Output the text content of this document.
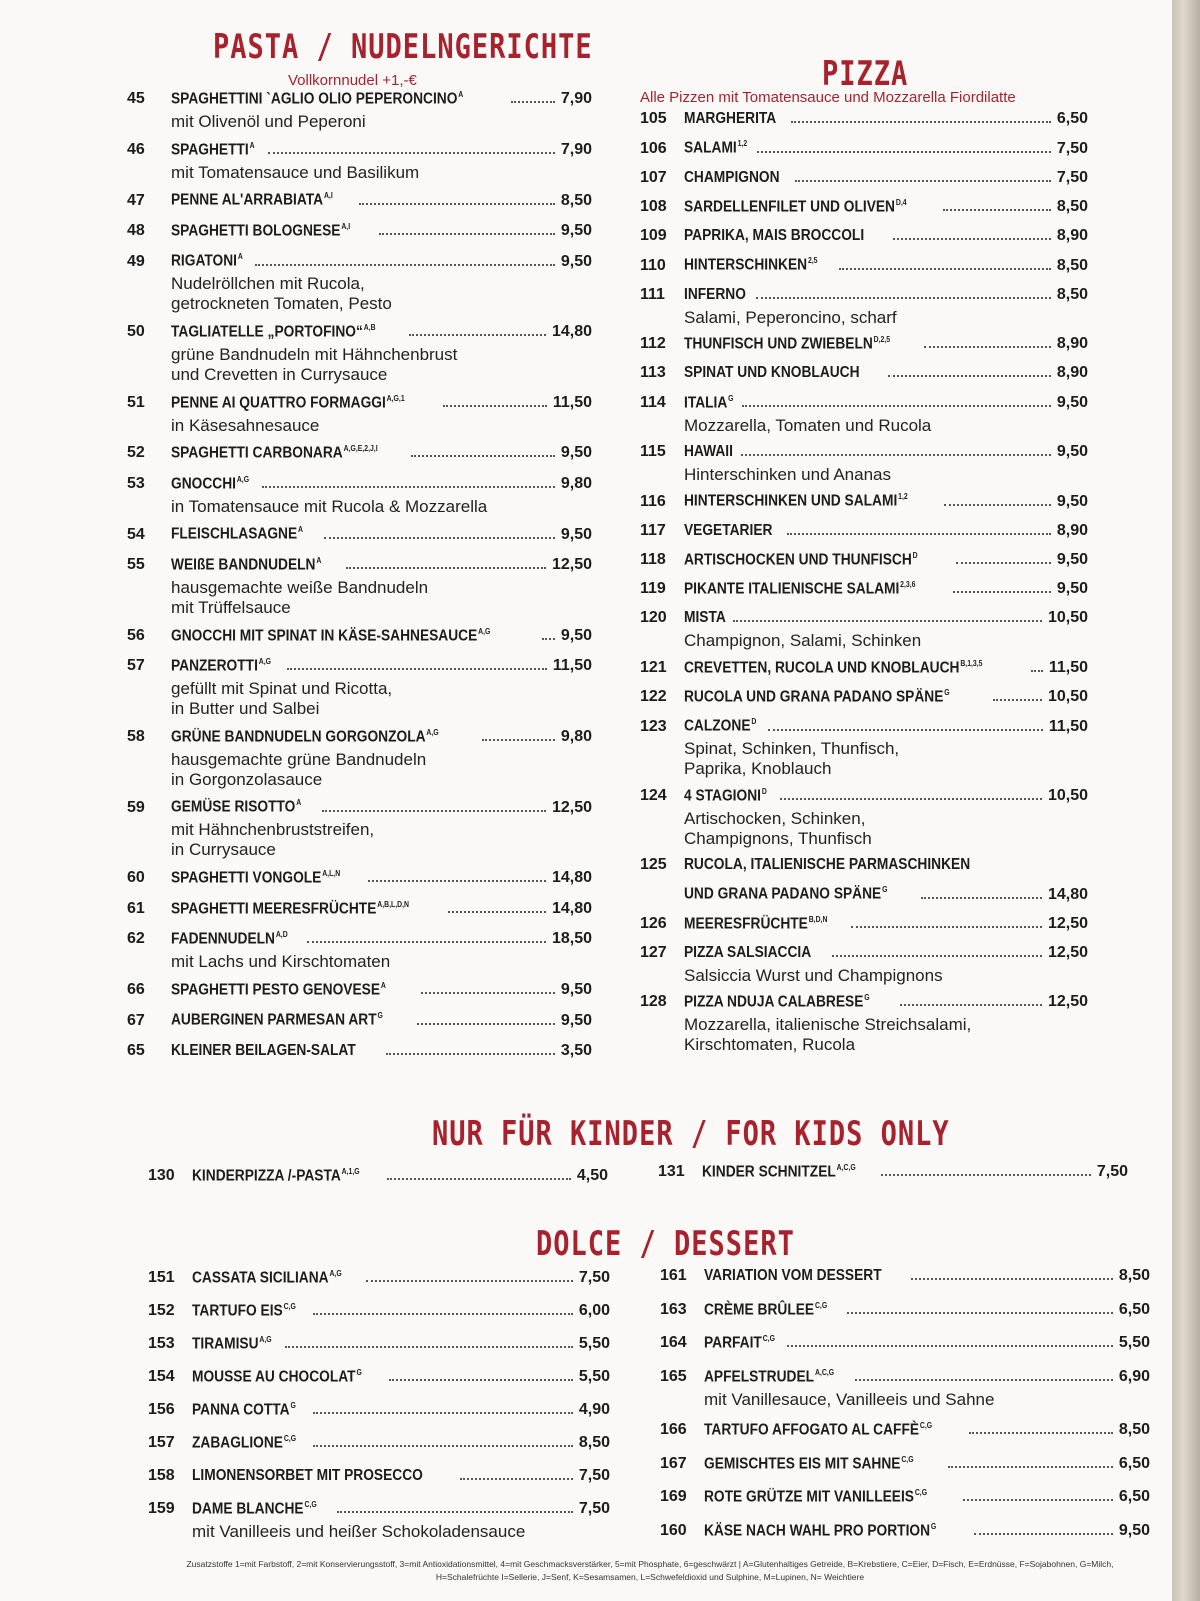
PASTA / NUDELNGERICHTE
Vollkornnudel +1,-€	PIZZA
Alle Pizzen mit Tomatensauce und Mozzarella Fiordilatte
45	SPAGHETTINI `AGLIO OLIO $PEPERONCINO^A$	7,90
mit Olivenöl und Peperoni
46	$SPAGHETTI^A$	7,90
mit Tomatensauce und Basilikum
47	PENNE $AL'ARRABIATA^{A,I}$	8,50
48	SPAGHETTI $BOLOGNESE^{A,I}$	9,50
49	$RIGATONI^A$	9,50
Nudelröllchen mit Rucola,
getrockneten Tomaten, Pesto
50	TAGLIATELLE „PORTOFINO“$^{A,B}$	14,80
grüne Bandnudeln mit Hähnchenbrust
und Crevetten in Currysauce
51	PENNE AI QUATTRO $FORMAGGI^{A,G,1}$	11,50
in Käsesahnesauce
52	SPAGHETTI $CARBONARA^{A,G,E,2,J,I}$	9,50
53	$GNOCCHI^{A,G}$	9,80
in Tomatensauce mit Rucola & Mozzarella
54	$FLEISCHLASAGNE^A$	9,50
55	WEIßE $BANDNUDELN^A$	12,50
hausgemachte weiße Bandnudeln
mit Trüffelsauce
56	GNOCCHI MIT SPINAT IN KÄSE-$SAHNESAUCE^{A,G}$	9,50
57	$PANZEROTTI^{A,G}$	11,50
gefüllt mit Spinat und Ricotta,
in Butter und Salbei
58	GRÜNE BANDNUDELN $GORGONZOLA^{A,G}$	9,80
hausgemachte grüne Bandnudeln
in Gorgonzolasauce
59	GEMÜSE $RISOTTO^A$	12,50
mit Hähnchenbruststreifen,
in Currysauce
60	SPAGHETTI $VONGOLE^{A,L,N}$	14,80
61	SPAGHETTI $MEERESFRÜCHTE^{A,B,L,D,N}$	14,80
62	$FADENNUDELN^{A,D}$	18,50
mit Lachs und Kirschtomaten
66	SPAGHETTI PESTO $GENOVESE^A$	9,50
67	AUBERGINEN PARMESAN $ART^G$	9,50
65	KLEINER BEILAGEN-SALAT	3,50
105	MARGHERITA	6,50
106	SALAMI$^{1,2}$	7,50
107	CHAMPIGNON	7,50
108	SARDELLENFILET UND $OLIVEN^{D,4}$	8,50
109	PAPRIKA, MAIS BROCCOLI	8,90
110	HINTERSCHINKEN$^{2,5}$	8,50
111	INFERNO	8,50
Salami, Peperoncino, scharf
112	THUNFISCH UND $ZWIEBELN^{D,2,5}$	8,90
113	SPINAT UND KNOBLAUCH	8,90
114	$ITALIA^G$	9,50
Mozzarella, Tomaten und Rucola
115	HAWAII	9,50
Hinterschinken und Ananas
116	HINTERSCHINKEN UND SALAMI$^{1,2}$	9,50
117	VEGETARIER	8,90
118	ARTISCHOCKEN UND $THUNFISCH^D$	9,50
119	PIKANTE ITALIENISCHE SALAMI$^{2,3,6}$	9,50
120	MISTA	10,50
Champignon, Salami, Schinken
121	CREVETTEN, RUCOLA UND $KNOBLAUCH^{B,1,3,5}$	11,50
122	RUCOLA UND GRANA PADANO $SPÄNE^G$	10,50
123	$CALZONE^D$	11,50
Spinat, Schinken, Thunfisch,
Paprika, Knoblauch
124	4 $STAGIONI^D$	10,50
Artischocken, Schinken,
Champignons, Thunfisch
125	RUCOLA, ITALIENISCHE PARMASCHINKEN
UND GRANA PADANO $SPÄNE^G$	14,80
126	$MEERESFRÜCHTE^{B,D,N}$	12,50
127	PIZZA SALSIACCIA	12,50
Salsiccia Wurst und Champignons
128	PIZZA NDUJA $CALABRESE^G$	12,50
Mozzarella, italienische Streichsalami,
Kirschtomaten, Rucola
NUR FÜR KINDER / FOR KIDS ONLY
130	KINDERPIZZA $/-PASTA^{A,1,G}$	4,50	131	KINDER $SCHNITZEL^{A,C,G}$	7,50
DOLCE / DESSERT
151	CASSATA $SICILIANA^{A,G}$	7,50
152	TARTUFO $EIS^{C,G}$	6,00
153	$TIRAMISU^{A,G}$	5,50
154	MOUSSE AU $CHOCOLAT^G$	5,50
156	PANNA $COTTA^G$	4,90
157	$ZABAGLIONE^{C,G}$	8,50
158	LIMONENSORBET MIT PROSECCO	7,50
159	DAME $BLANCHE^{C,G}$	7,50
mit Vanilleeis und heißer Schokoladensauce
161	VARIATION VOM DESSERT	8,50
163	CRÈME $BRÛLEE^{C,G}$	6,50
164	$PARFAIT^{C,G}$	5,50
165	$APFELSTRUDEL^{A,C,G}$	6,90
mit Vanillesauce, Vanilleeis und Sahne
166	TARTUFO AFFOGATO AL $CAFFÈ^{C,G}$	8,50
167	GEMISCHTES EIS MIT $SAHNE^{C,G}$	6,50
169	ROTE GRÜTZE MIT $VANILLEEIS^{C,G}$	6,50
160	KÄSE NACH WAHL PRO $PORTION^G$	9,50
Zusatzstoffe 1=mit Farbstoff, 2=mit Konservierungsstoff, 3=mit Antioxidationsmittel, 4=mit Geschmacksverstärker, 5=mit Phosphate, 6=geschwärzt | A=Glutenhaltiges Getreide, B=Krebstiere, C=Eier, D=Fisch, E=Erdnüsse, F=Sojabohnen, G=Milch,
H=Schalefrüchte I=Sellerie, J=Senf, K=Sesamsamen, L=Schwefeldioxid und Sulphine, M=Lupinen, N= Weichtiere
